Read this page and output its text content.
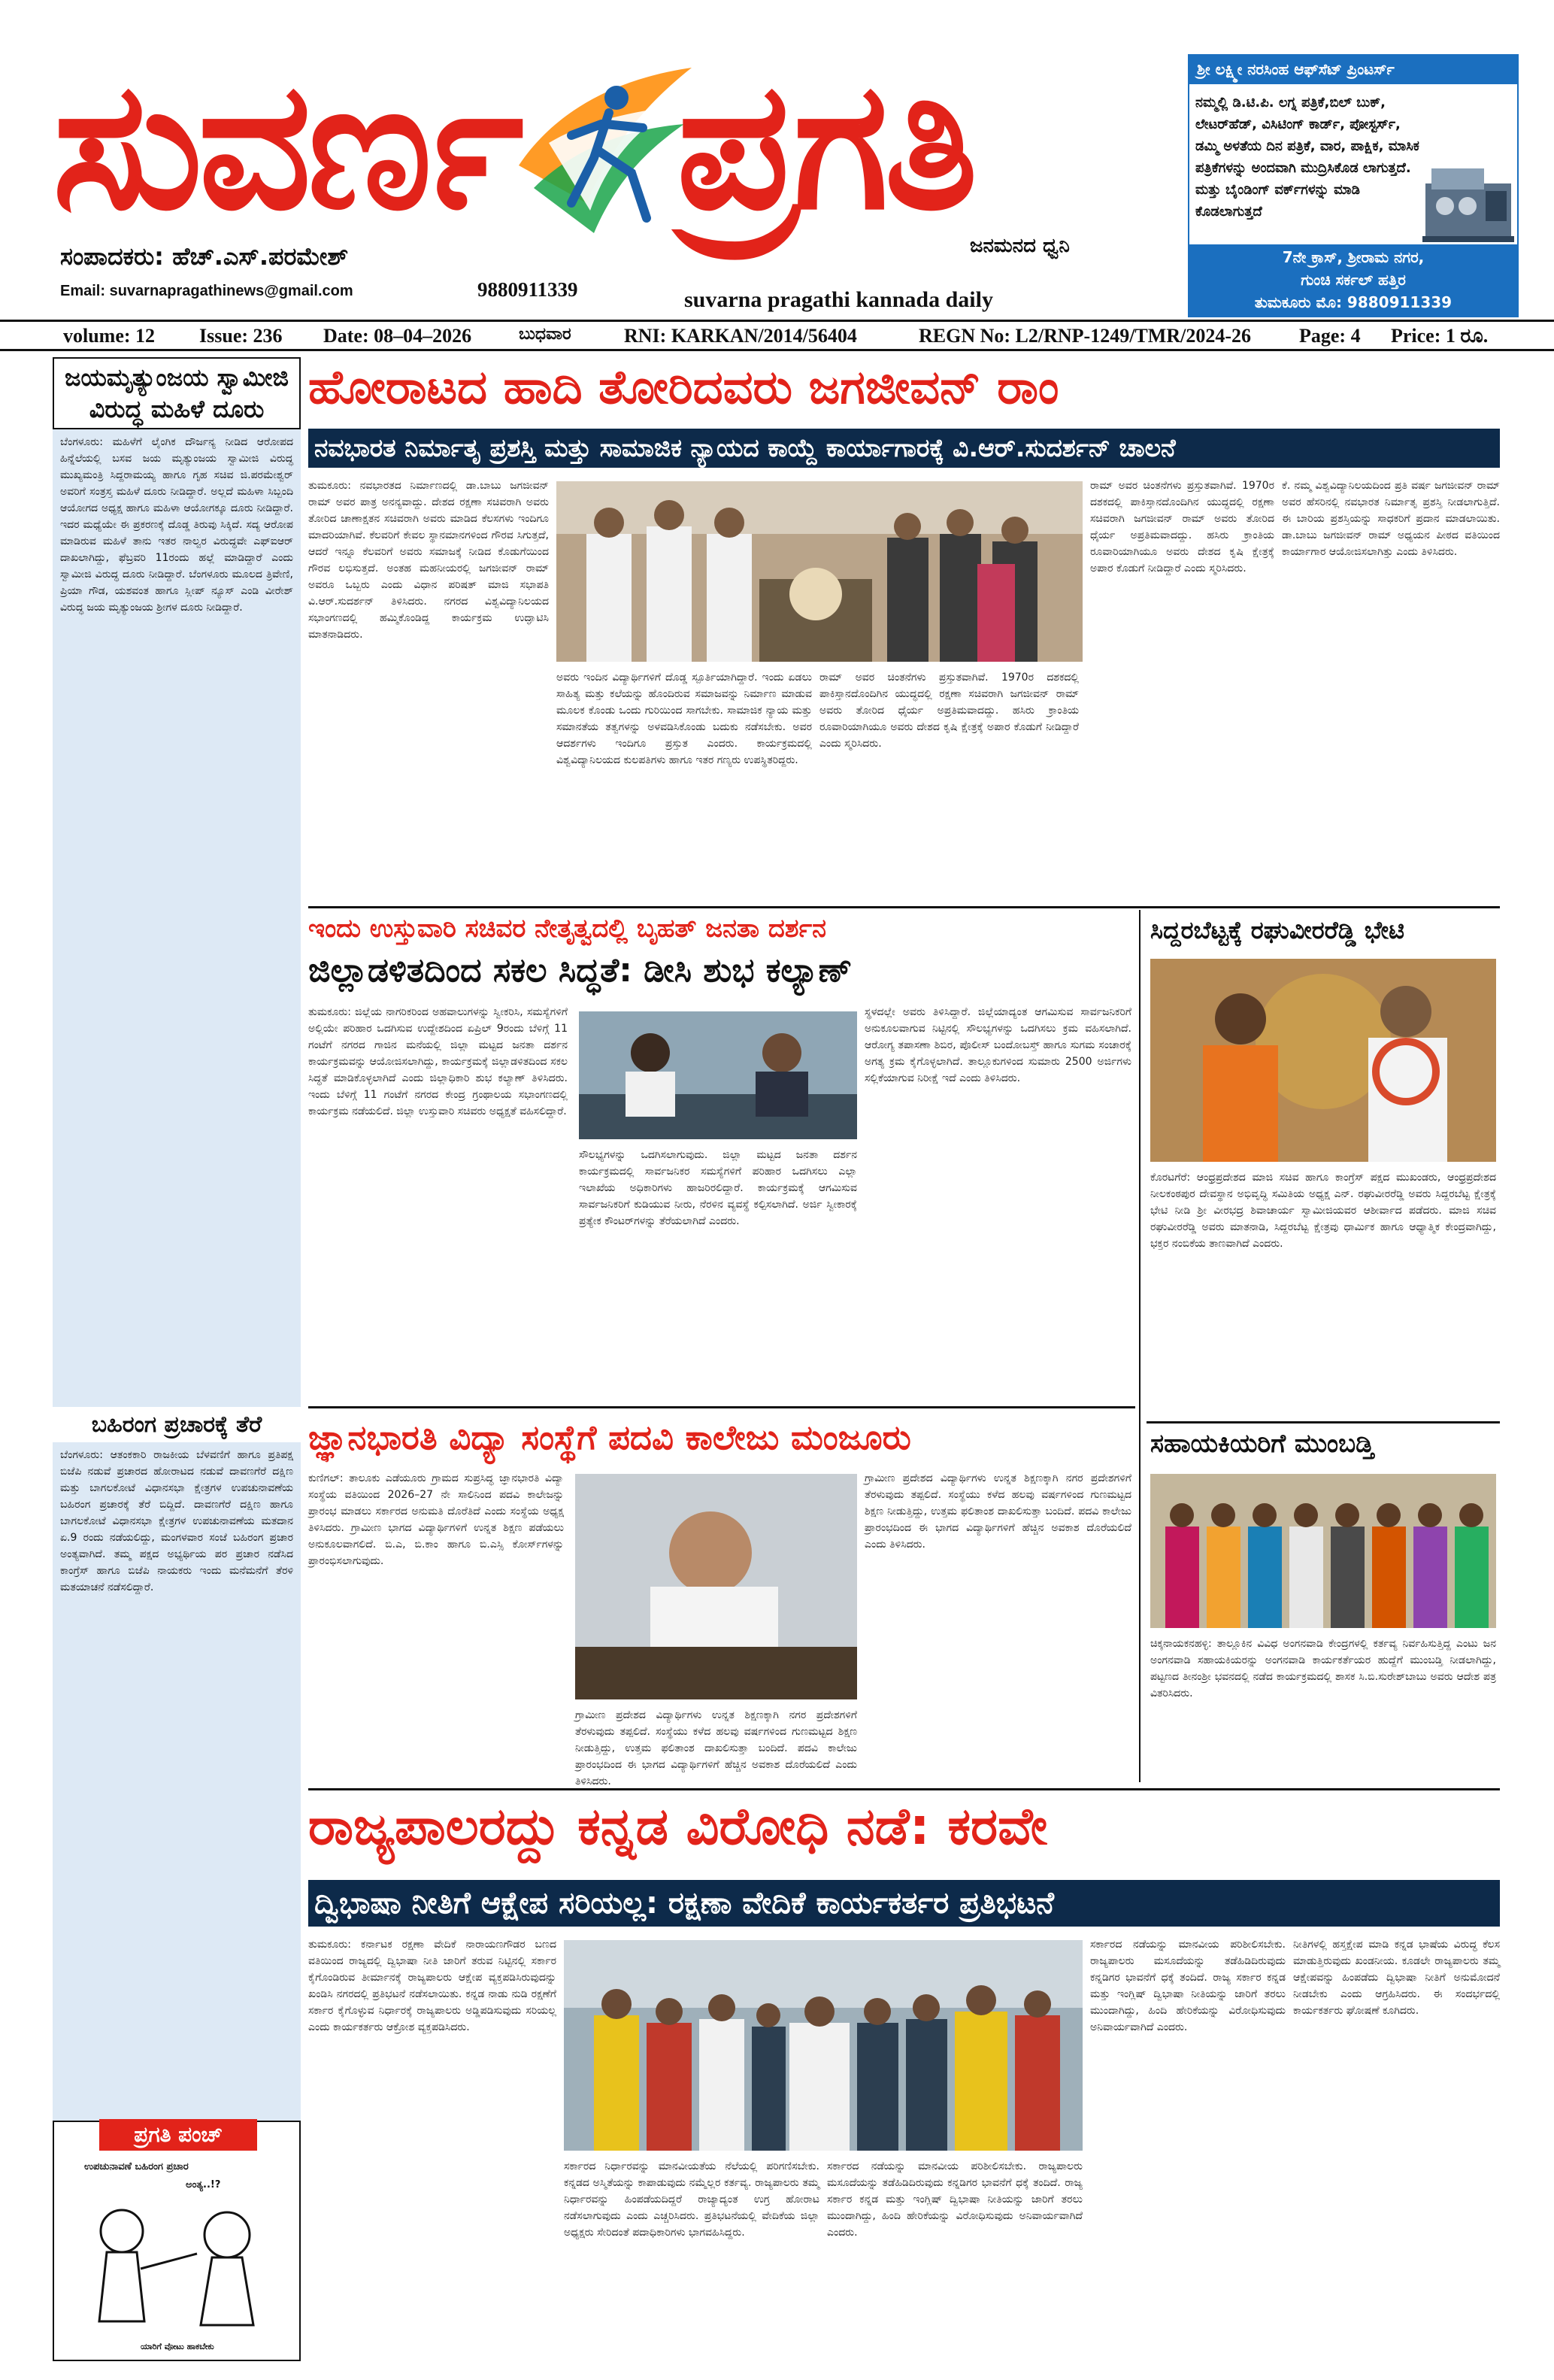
ಸುವರ್ಣ ಪ್ರಗತಿ
ಜನಮನದ ಧ್ವನಿ
ಸಂಪಾದಕರು: ಹೆಚ್.ಎಸ್.ಪರಮೇಶ್
Email: suvarnapragathinews@gmail.com	9880911339	suvarna pragathi kannada daily
ಶ್ರೀ ಲಕ್ಷ್ಮೀ ನರಸಿಂಹ ಆಫ್‌ಸೆಟ್ ಪ್ರಿಂಟರ್ಸ್
ನಮ್ಮಲ್ಲಿ ಡಿ.ಟಿ.ಪಿ. ಲಗ್ನ ಪತ್ರಿಕೆ,ಬಿಲ್ ಬುಕ್, ಲೇಟರ್‌ಹೆಡ್, ವಿಸಿಟಿಂಗ್ ಕಾರ್ಡ್, ಪೋಸ್ಟರ್ಸ್, ಡಮ್ಮಿ ಅಳತೆಯ ದಿನ ಪತ್ರಿಕೆ, ವಾರ, ಪಾಕ್ಷಿಕ, ಮಾಸಿಕ ಪತ್ರಿಕೆಗಳನ್ನು ಅಂದವಾಗಿ ಮುದ್ರಿಸಿಕೊಡ ಲಾಗುತ್ತದೆ. ಮತ್ತು ಬೈಂಡಿಂಗ್ ವರ್ಕ್‌ಗಳನ್ನು ಮಾಡಿ ಕೊಡಲಾಗುತ್ತದೆ
7ನೇ ಕ್ರಾಸ್, ಶ್ರೀರಾಮ ನಗರ,
ಗುಂಚಿ ಸರ್ಕಲ್ ಹತ್ತಿರ
ತುಮಕೂರು ಮೊ: 9880911339
volume: 12 Issue: 236 Date: 08–04–2026	ಬುಧವಾರ	RNI: KARKAN/2014/56404	REGN No: L2/RNP-1249/TMR/2024-26 Page: 4 Price: 1 ರೂ.
ಜಯಮೃತ್ಯುಂಜಯ ಸ್ವಾಮೀಜಿ ವಿರುದ್ಧ ಮಹಿಳೆ ದೂರು
ಬೆಂಗಳೂರು: ಮಹಿಳೆಗೆ ಲೈಂಗಿಕ ದೌರ್ಜನ್ಯ ನೀಡಿದ ಆರೋಪದ ಹಿನ್ನೆಲೆಯಲ್ಲಿ ಬಸವ ಜಯ ಮೃತ್ಯುಂಜಯ ಸ್ವಾಮೀಜಿ ವಿರುದ್ಧ ಮುಖ್ಯಮಂತ್ರಿ ಸಿದ್ದರಾಮಯ್ಯ ಹಾಗೂ ಗೃಹ ಸಚಿವ ಜಿ.ಪರಮೇಶ್ವರ್ ಅವರಿಗೆ ಸಂತ್ರಸ್ತ ಮಹಿಳೆ ದೂರು ನೀಡಿದ್ದಾರೆ. ಅಲ್ಲದೆ ಮಹಿಳಾ ಸಿಬ್ಬಂದಿ ಆಯೋಗದ ಅಧ್ಯಕ್ಷ ಹಾಗೂ ಮಹಿಳಾ ಆಯೋಗಕ್ಕೂ ದೂರು ನೀಡಿದ್ದಾರೆ. ಇದರ ಮಧ್ಯೆಯೇ ಈ ಪ್ರಕರಣಕ್ಕೆ ದೊಡ್ಡ ತಿರುವು ಸಿಕ್ಕಿದೆ. ಸದ್ಯ ಆರೋಪ ಮಾಡಿರುವ ಮಹಿಳೆ ತಾನು ಇತರ ನಾಲ್ವರ ವಿರುದ್ಧವೇ ಎಫ್‌ಐಆರ್ ದಾಖಲಾಗಿದ್ದು, ಫೆಬ್ರವರಿ 11ರಂದು ಹಲ್ಲೆ ಮಾಡಿದ್ದಾರೆ ಎಂದು ಸ್ವಾಮೀಜಿ ವಿರುದ್ಧ ದೂರು ನೀಡಿದ್ದಾರೆ. ಬೆಂಗಳೂರು ಮೂಲದ ತ್ರಿವೇಣಿ, ಪ್ರಿಯಾ ಗೌಡ, ಯಶವಂತ ಹಾಗೂ ಸ್ಲೀಪ್ ನ್ಯೂಸ್ ಎಂಡಿ ವೀರೇಶ್ ವಿರುದ್ಧ ಜಯ ಮೃತ್ಯುಂಜಯ ಶ್ರೀಗಳ ದೂರು ನೀಡಿದ್ದಾರೆ.
ಬಹಿರಂಗ ಪ್ರಚಾರಕ್ಕೆ ತೆರೆ
ಬೆಂಗಳೂರು: ಆತಂಕಕಾರಿ ರಾಜಕೀಯ ಬೆಳವಣಿಗೆ ಹಾಗೂ ಪ್ರತಿಪಕ್ಷ ಬಿಜೆಪಿ ನಡುವೆ ಪ್ರಚಾರದ ಹೋರಾಟದ ನಡುವೆ ದಾವಣಗೆರೆ ದಕ್ಷಿಣ ಮತ್ತು ಬಾಗಲಕೋಟೆ ವಿಧಾನಸಭಾ ಕ್ಷೇತ್ರಗಳ ಉಪಚುನಾವಣೆಯ ಬಹಿರಂಗ ಪ್ರಚಾರಕ್ಕೆ ತೆರೆ ಬಿದ್ದಿದೆ. ದಾವಣಗೆರೆ ದಕ್ಷಿಣ ಹಾಗೂ ಬಾಗಲಕೋಟೆ ವಿಧಾನಸಭಾ ಕ್ಷೇತ್ರಗಳ ಉಪಚುನಾವಣೆಯ ಮತದಾನ ಏ.9 ರಂದು ನಡೆಯಲಿದ್ದು, ಮಂಗಳವಾರ ಸಂಜೆ ಬಹಿರಂಗ ಪ್ರಚಾರ ಅಂತ್ಯವಾಗಿದೆ. ತಮ್ಮ ಪಕ್ಷದ ಅಭ್ಯರ್ಥಿಯ ಪರ ಪ್ರಚಾರ ನಡೆಸಿದ ಕಾಂಗ್ರೆಸ್ ಹಾಗೂ ಬಿಜೆಪಿ ನಾಯಕರು ಇಂದು ಮನೆಮನೆಗೆ ತೆರಳಿ ಮತಯಾಚನೆ ನಡೆಸಲಿದ್ದಾರೆ.
ಪ್ರಗತಿ ಪಂಚ್
ಉಪಚುನಾವಣೆ ಬಹಿರಂಗ ಪ್ರಚಾರ
ಅಂತ್ಯ..!?
ಯಾರಿಗೆ ವೋಟು ಹಾಕಬೇಕು
ಹೋರಾಟದ ಹಾದಿ ತೋರಿದವರು ಜಗಜೀವನ್ ರಾಂ
ನವಭಾರತ ನಿರ್ಮಾತೃ ಪ್ರಶಸ್ತಿ ಮತ್ತು ಸಾಮಾಜಿಕ ನ್ಯಾಯದ ಕಾಯ್ದೆ ಕಾರ್ಯಾಗಾರಕ್ಕೆ ವಿ.ಆರ್.ಸುದರ್ಶನ್ ಚಾಲನೆ
ತುಮಕೂರು: ನವಭಾರತದ ನಿರ್ಮಾಣದಲ್ಲಿ ಡಾ.ಬಾಬು ಜಗಜೀವನ್ ರಾಮ್ ಅವರ ಪಾತ್ರ ಅನನ್ಯವಾದ್ದು. ದೇಶದ ರಕ್ಷಣಾ ಸಚಿವರಾಗಿ ಅವರು ತೋರಿದ ಚಾಣಾಕ್ಷತನ ಸಚಿವರಾಗಿ ಅವರು ಮಾಡಿದ ಕೆಲಸಗಳು ಇಂದಿಗೂ ಮಾದರಿಯಾಗಿವೆ. ಕೆಲವರಿಗೆ ಕೇವಲ ಸ್ಥಾನಮಾನಗಳಿಂದ ಗೌರವ ಸಿಗುತ್ತದೆ, ಆದರೆ ಇನ್ನೂ ಕೆಲವರಿಗೆ ಅವರು ಸಮಾಜಕ್ಕೆ ನೀಡಿದ ಕೊಡುಗೆಯಿಂದ ಗೌರವ ಲಭಿಸುತ್ತದೆ. ಅಂತಹ ಮಹನೀಯರಲ್ಲಿ ಜಗಜೀವನ್ ರಾಮ್ ಅವರೂ ಒಬ್ಬರು ಎಂದು ವಿಧಾನ ಪರಿಷತ್ ಮಾಜಿ ಸಭಾಪತಿ ವಿ.ಆರ್.ಸುದರ್ಶನ್ ತಿಳಿಸಿದರು. ನಗರದ ವಿಶ್ವವಿದ್ಯಾನಿಲಯದ ಸಭಾಂಗಣದಲ್ಲಿ ಹಮ್ಮಿಕೊಂಡಿದ್ದ ಕಾರ್ಯಕ್ರಮ ಉದ್ಘಾಟಿಸಿ ಮಾತನಾಡಿದರು.
ಅವರು ಇಂದಿನ ವಿದ್ಯಾರ್ಥಿಗಳಿಗೆ ದೊಡ್ಡ ಸ್ಪೂರ್ತಿಯಾಗಿದ್ದಾರೆ. ಇಂದು ಏಡಲು ಸಾಹಿತ್ಯ ಮತ್ತು ಕಲೆಯನ್ನು ಹೊಂದಿರುವ ಸಮಾಜವನ್ನು ನಿರ್ಮಾಣ ಮಾಡುವ ಮೂಲಕ ಕೊಂಡು ಒಂದು ಗುರಿಯಿಂದ ಸಾಗಬೇಕು. ಸಾಮಾಜಿಕ ನ್ಯಾಯ ಮತ್ತು ಸಮಾನತೆಯ ತತ್ವಗಳನ್ನು ಅಳವಡಿಸಿಕೊಂಡು ಬದುಕು ನಡೆಸಬೇಕು. ಅವರ ಆದರ್ಶಗಳು ಇಂದಿಗೂ ಪ್ರಸ್ತುತ ಎಂದರು. ಕಾರ್ಯಕ್ರಮದಲ್ಲಿ ವಿಶ್ವವಿದ್ಯಾನಿಲಯದ ಕುಲಪತಿಗಳು ಹಾಗೂ ಇತರ ಗಣ್ಯರು ಉಪಸ್ಥಿತರಿದ್ದರು.
ರಾಮ್ ಅವರ ಚಿಂತನೆಗಳು ಪ್ರಸ್ತುತವಾಗಿವೆ. 1970ರ ದಶಕದಲ್ಲಿ ಪಾಕಿಸ್ತಾನದೊಂದಿಗಿನ ಯುದ್ಧದಲ್ಲಿ ರಕ್ಷಣಾ ಸಚಿವರಾಗಿ ಜಗಜೀವನ್ ರಾಮ್ ಅವರು ತೋರಿದ ಧೈರ್ಯ ಅಪ್ರತಿಮವಾದದ್ದು. ಹಸಿರು ಕ್ರಾಂತಿಯ ರೂವಾರಿಯಾಗಿಯೂ ಅವರು ದೇಶದ ಕೃಷಿ ಕ್ಷೇತ್ರಕ್ಕೆ ಅಪಾರ ಕೊಡುಗೆ ನೀಡಿದ್ದಾರೆ ಎಂದು ಸ್ಮರಿಸಿದರು.
ರಾಮ್ ಅವರ ಚಿಂತನೆಗಳು ಪ್ರಸ್ತುತವಾಗಿವೆ. 1970ರ ದಶಕದಲ್ಲಿ ಪಾಕಿಸ್ತಾನದೊಂದಿಗಿನ ಯುದ್ಧದಲ್ಲಿ ರಕ್ಷಣಾ ಸಚಿವರಾಗಿ ಜಗಜೀವನ್ ರಾಮ್ ಅವರು ತೋರಿದ ಧೈರ್ಯ ಅಪ್ರತಿಮವಾದದ್ದು. ಹಸಿರು ಕ್ರಾಂತಿಯ ರೂವಾರಿಯಾಗಿಯೂ ಅವರು ದೇಶದ ಕೃಷಿ ಕ್ಷೇತ್ರಕ್ಕೆ ಅಪಾರ ಕೊಡುಗೆ ನೀಡಿದ್ದಾರೆ ಎಂದು ಸ್ಮರಿಸಿದರು.
ಕೆ. ನಮ್ಮ ವಿಶ್ವವಿದ್ಯಾನಿಲಯದಿಂದ ಪ್ರತಿ ವರ್ಷ ಜಗಜೀವನ್ ರಾಮ್ ಅವರ ಹೆಸರಿನಲ್ಲಿ ನವಭಾರತ ನಿರ್ಮಾತೃ ಪ್ರಶಸ್ತಿ ನೀಡಲಾಗುತ್ತಿದೆ. ಈ ಬಾರಿಯ ಪ್ರಶಸ್ತಿಯನ್ನು ಸಾಧಕರಿಗೆ ಪ್ರದಾನ ಮಾಡಲಾಯಿತು. ಡಾ.ಬಾಬು ಜಗಜೀವನ್ ರಾಮ್ ಅಧ್ಯಯನ ಪೀಠದ ವತಿಯಿಂದ ಕಾರ್ಯಾಗಾರ ಆಯೋಜಿಸಲಾಗಿತ್ತು ಎಂದು ತಿಳಿಸಿದರು.
ಇಂದು ಉಸ್ತುವಾರಿ ಸಚಿವರ ನೇತೃತ್ವದಲ್ಲಿ ಬೃಹತ್ ಜನತಾ ದರ್ಶನ
ಜಿಲ್ಲಾಡಳಿತದಿಂದ ಸಕಲ ಸಿದ್ಧತೆ: ಡೀಸಿ ಶುಭ ಕಲ್ಯಾಣ್
ತುಮಕೂರು: ಜಿಲ್ಲೆಯ ನಾಗರಿಕರಿಂದ ಅಹವಾಲುಗಳನ್ನು ಸ್ವೀಕರಿಸಿ, ಸಮಸ್ಯೆಗಳಿಗೆ ಅಲ್ಲಿಯೇ ಪರಿಹಾರ ಒದಗಿಸುವ ಉದ್ದೇಶದಿಂದ ಏಪ್ರಿಲ್ 9ರಂದು ಬೆಳಿಗ್ಗೆ 11 ಗಂಟೆಗೆ ನಗರದ ಗಾಜಿನ ಮನೆಯಲ್ಲಿ ಜಿಲ್ಲಾ ಮಟ್ಟದ ಜನತಾ ದರ್ಶನ ಕಾರ್ಯಕ್ರಮವನ್ನು ಆಯೋಜಿಸಲಾಗಿದ್ದು, ಕಾರ್ಯಕ್ರಮಕ್ಕೆ ಜಿಲ್ಲಾಡಳಿತದಿಂದ ಸಕಲ ಸಿದ್ಧತೆ ಮಾಡಿಕೊಳ್ಳಲಾಗಿದೆ ಎಂದು ಜಿಲ್ಲಾಧಿಕಾರಿ ಶುಭ ಕಲ್ಯಾಣ್ ತಿಳಿಸಿದರು. ಇಂದು ಬೆಳಿಗ್ಗೆ 11 ಗಂಟೆಗೆ ನಗರದ ಕೇಂದ್ರ ಗ್ರಂಥಾಲಯ ಸಭಾಂಗಣದಲ್ಲಿ ಕಾರ್ಯಕ್ರಮ ನಡೆಯಲಿದೆ. ಜಿಲ್ಲಾ ಉಸ್ತುವಾರಿ ಸಚಿವರು ಅಧ್ಯಕ್ಷತೆ ವಹಿಸಲಿದ್ದಾರೆ.
ಸೌಲಭ್ಯಗಳನ್ನು ಒದಗಿಸಲಾಗುವುದು. ಜಿಲ್ಲಾ ಮಟ್ಟದ ಜನತಾ ದರ್ಶನ ಕಾರ್ಯಕ್ರಮದಲ್ಲಿ ಸಾರ್ವಜನಿಕರ ಸಮಸ್ಯೆಗಳಿಗೆ ಪರಿಹಾರ ಒದಗಿಸಲು ಎಲ್ಲಾ ಇಲಾಖೆಯ ಅಧಿಕಾರಿಗಳು ಹಾಜರಿರಲಿದ್ದಾರೆ. ಕಾರ್ಯಕ್ರಮಕ್ಕೆ ಆಗಮಿಸುವ ಸಾರ್ವಜನಿಕರಿಗೆ ಕುಡಿಯುವ ನೀರು, ನೆರಳಿನ ವ್ಯವಸ್ಥೆ ಕಲ್ಪಿಸಲಾಗಿದೆ. ಅರ್ಜಿ ಸ್ವೀಕಾರಕ್ಕೆ ಪ್ರತ್ಯೇಕ ಕೌಂಟರ್‌ಗಳನ್ನು ತೆರೆಯಲಾಗಿದೆ ಎಂದರು.
ಸ್ಥಳದಲ್ಲೇ ಅವರು ತಿಳಿಸಿದ್ದಾರೆ. ಜಿಲ್ಲೆಯಾದ್ಯಂತ ಆಗಮಿಸುವ ಸಾರ್ವಜನಿಕರಿಗೆ ಅನುಕೂಲವಾಗುವ ನಿಟ್ಟಿನಲ್ಲಿ ಸೌಲಭ್ಯಗಳನ್ನು ಒದಗಿಸಲು ಕ್ರಮ ವಹಿಸಲಾಗಿದೆ. ಆರೋಗ್ಯ ತಪಾಸಣಾ ಶಿಬಿರ, ಪೊಲೀಸ್ ಬಂದೋಬಸ್ತ್ ಹಾಗೂ ಸುಗಮ ಸಂಚಾರಕ್ಕೆ ಅಗತ್ಯ ಕ್ರಮ ಕೈಗೊಳ್ಳಲಾಗಿದೆ. ತಾಲ್ಲೂಕುಗಳಿಂದ ಸುಮಾರು 2500 ಅರ್ಜಿಗಳು ಸಲ್ಲಿಕೆಯಾಗುವ ನಿರೀಕ್ಷೆ ಇದೆ ಎಂದು ತಿಳಿಸಿದರು.
ಸಿದ್ದರಬೆಟ್ಟಕ್ಕೆ ರಘುವೀರರೆಡ್ಡಿ ಭೇಟಿ
ಕೊರಟಗೆರೆ: ಆಂಧ್ರಪ್ರದೇಶದ ಮಾಜಿ ಸಚಿವ ಹಾಗೂ ಕಾಂಗ್ರೆಸ್ ಪಕ್ಷದ ಮುಖಂಡರು, ಆಂಧ್ರಪ್ರದೇಶದ ನೀಲಕಂಠಪುರ ದೇವಸ್ಥಾನ ಅಭಿವೃದ್ಧಿ ಸಮಿತಿಯ ಅಧ್ಯಕ್ಷ ಎನ್. ರಘುವೀರರೆಡ್ಡಿ ಅವರು ಸಿದ್ದರಬೆಟ್ಟ ಕ್ಷೇತ್ರಕ್ಕೆ ಭೇಟಿ ನೀಡಿ ಶ್ರೀ ವೀರಭದ್ರ ಶಿವಾಚಾರ್ಯ ಸ್ವಾಮೀಜಿಯವರ ಆಶೀರ್ವಾದ ಪಡೆದರು. ಮಾಜಿ ಸಚಿವ ರಘುವೀರರೆಡ್ಡಿ ಅವರು ಮಾತನಾಡಿ, ಸಿದ್ದರಬೆಟ್ಟ ಕ್ಷೇತ್ರವು ಧಾರ್ಮಿಕ ಹಾಗೂ ಆಧ್ಯಾತ್ಮಿಕ ಕೇಂದ್ರವಾಗಿದ್ದು, ಭಕ್ತರ ನಂಬಿಕೆಯ ತಾಣವಾಗಿದೆ ಎಂದರು.
ಜ್ಞಾನಭಾರತಿ ವಿದ್ಯಾ ಸಂಸ್ಥೆಗೆ ಪದವಿ ಕಾಲೇಜು ಮಂಜೂರು
ಕುಣಿಗಲ್: ತಾಲೂಕು ಎಡೆಯೂರು ಗ್ರಾಮದ ಸುಪ್ರಸಿದ್ಧ ಜ್ಞಾನಭಾರತಿ ವಿದ್ಯಾ ಸಂಸ್ಥೆಯ ವತಿಯಿಂದ 2026–27 ನೇ ಸಾಲಿನಿಂದ ಪದವಿ ಕಾಲೇಜನ್ನು ಪ್ರಾರಂಭ ಮಾಡಲು ಸರ್ಕಾರದ ಅನುಮತಿ ದೊರೆತಿದೆ ಎಂದು ಸಂಸ್ಥೆಯ ಅಧ್ಯಕ್ಷ ತಿಳಿಸಿದರು. ಗ್ರಾಮೀಣ ಭಾಗದ ವಿದ್ಯಾರ್ಥಿಗಳಿಗೆ ಉನ್ನತ ಶಿಕ್ಷಣ ಪಡೆಯಲು ಅನುಕೂಲವಾಗಲಿದೆ. ಬಿ.ಎ, ಬಿ.ಕಾಂ ಹಾಗೂ ಬಿ.ಎಸ್ಸಿ ಕೋರ್ಸ್‌ಗಳನ್ನು ಪ್ರಾರಂಭಿಸಲಾಗುವುದು.
ಗ್ರಾಮೀಣ ಪ್ರದೇಶದ ವಿದ್ಯಾರ್ಥಿಗಳು ಉನ್ನತ ಶಿಕ್ಷಣಕ್ಕಾಗಿ ನಗರ ಪ್ರದೇಶಗಳಿಗೆ ತೆರಳುವುದು ತಪ್ಪಲಿದೆ. ಸಂಸ್ಥೆಯು ಕಳೆದ ಹಲವು ವರ್ಷಗಳಿಂದ ಗುಣಮಟ್ಟದ ಶಿಕ್ಷಣ ನೀಡುತ್ತಿದ್ದು, ಉತ್ತಮ ಫಲಿತಾಂಶ ದಾಖಲಿಸುತ್ತಾ ಬಂದಿದೆ. ಪದವಿ ಕಾಲೇಜು ಪ್ರಾರಂಭದಿಂದ ಈ ಭಾಗದ ವಿದ್ಯಾರ್ಥಿಗಳಿಗೆ ಹೆಚ್ಚಿನ ಅವಕಾಶ ದೊರೆಯಲಿದೆ ಎಂದು ತಿಳಿಸಿದರು.
ಗ್ರಾಮೀಣ ಪ್ರದೇಶದ ವಿದ್ಯಾರ್ಥಿಗಳು ಉನ್ನತ ಶಿಕ್ಷಣಕ್ಕಾಗಿ ನಗರ ಪ್ರದೇಶಗಳಿಗೆ ತೆರಳುವುದು ತಪ್ಪಲಿದೆ. ಸಂಸ್ಥೆಯು ಕಳೆದ ಹಲವು ವರ್ಷಗಳಿಂದ ಗುಣಮಟ್ಟದ ಶಿಕ್ಷಣ ನೀಡುತ್ತಿದ್ದು, ಉತ್ತಮ ಫಲಿತಾಂಶ ದಾಖಲಿಸುತ್ತಾ ಬಂದಿದೆ. ಪದವಿ ಕಾಲೇಜು ಪ್ರಾರಂಭದಿಂದ ಈ ಭಾಗದ ವಿದ್ಯಾರ್ಥಿಗಳಿಗೆ ಹೆಚ್ಚಿನ ಅವಕಾಶ ದೊರೆಯಲಿದೆ ಎಂದು ತಿಳಿಸಿದರು.
ಸಹಾಯಕಿಯರಿಗೆ ಮುಂಬಡ್ತಿ
ಚಿಕ್ಕನಾಯಕನಹಳ್ಳಿ: ತಾಲ್ಲೂಕಿನ ವಿವಿಧ ಅಂಗನವಾಡಿ ಕೇಂದ್ರಗಳಲ್ಲಿ ಕರ್ತವ್ಯ ನಿರ್ವಹಿಸುತ್ತಿದ್ದ ಎಂಟು ಜನ ಅಂಗನವಾಡಿ ಸಹಾಯಕಿಯರನ್ನು ಅಂಗನವಾಡಿ ಕಾರ್ಯಕರ್ತೆಯರ ಹುದ್ದೆಗೆ ಮುಂಬಡ್ತಿ ನೀಡಲಾಗಿದ್ದು, ಪಟ್ಟಣದ ತೀನಂಶ್ರೀ ಭವನದಲ್ಲಿ ನಡೆದ ಕಾರ್ಯಕ್ರಮದಲ್ಲಿ ಶಾಸಕ ಸಿ.ಬಿ.ಸುರೇಶ್‌ಬಾಬು ಅವರು ಆದೇಶ ಪತ್ರ ವಿತರಿಸಿದರು.
ರಾಜ್ಯಪಾಲರದ್ದು ಕನ್ನಡ ವಿರೋಧಿ ನಡೆ: ಕರವೇ
ದ್ವಿಭಾಷಾ ನೀತಿಗೆ ಆಕ್ಷೇಪ ಸರಿಯಲ್ಲ: ರಕ್ಷಣಾ ವೇದಿಕೆ ಕಾರ್ಯಕರ್ತರ ಪ್ರತಿಭಟನೆ
ತುಮಕೂರು: ಕರ್ನಾಟಕ ರಕ್ಷಣಾ ವೇದಿಕೆ ನಾರಾಯಣಗೌಡರ ಬಣದ ವತಿಯಿಂದ ರಾಜ್ಯದಲ್ಲಿ ದ್ವಿಭಾಷಾ ನೀತಿ ಜಾರಿಗೆ ತರುವ ನಿಟ್ಟಿನಲ್ಲಿ ಸರ್ಕಾರ ಕೈಗೊಂಡಿರುವ ತೀರ್ಮಾನಕ್ಕೆ ರಾಜ್ಯಪಾಲರು ಆಕ್ಷೇಪ ವ್ಯಕ್ತಪಡಿಸಿರುವುದನ್ನು ಖಂಡಿಸಿ ನಗರದಲ್ಲಿ ಪ್ರತಿಭಟನೆ ನಡೆಸಲಾಯಿತು. ಕನ್ನಡ ನಾಡು ನುಡಿ ರಕ್ಷಣೆಗೆ ಸರ್ಕಾರ ಕೈಗೊಳ್ಳುವ ನಿರ್ಧಾರಕ್ಕೆ ರಾಜ್ಯಪಾಲರು ಅಡ್ಡಿಪಡಿಸುವುದು ಸರಿಯಲ್ಲ ಎಂದು ಕಾರ್ಯಕರ್ತರು ಆಕ್ರೋಶ ವ್ಯಕ್ತಪಡಿಸಿದರು.
ಸರ್ಕಾರದ ನಿರ್ಧಾರವನ್ನು ಮಾನವೀಯತೆಯ ನೆಲೆಯಲ್ಲಿ ಪರಿಗಣಿಸಬೇಕು. ಕನ್ನಡದ ಅಸ್ಮಿತೆಯನ್ನು ಕಾಪಾಡುವುದು ನಮ್ಮೆಲ್ಲರ ಕರ್ತವ್ಯ. ರಾಜ್ಯಪಾಲರು ತಮ್ಮ ನಿರ್ಧಾರವನ್ನು ಹಿಂಪಡೆಯದಿದ್ದರೆ ರಾಜ್ಯಾದ್ಯಂತ ಉಗ್ರ ಹೋರಾಟ ನಡೆಸಲಾಗುವುದು ಎಂದು ಎಚ್ಚರಿಸಿದರು. ಪ್ರತಿಭಟನೆಯಲ್ಲಿ ವೇದಿಕೆಯ ಜಿಲ್ಲಾ ಅಧ್ಯಕ್ಷರು ಸೇರಿದಂತೆ ಪದಾಧಿಕಾರಿಗಳು ಭಾಗವಹಿಸಿದ್ದರು.
ಸರ್ಕಾರದ ನಡೆಯನ್ನು ಮಾನವೀಯ ಪರಿಶೀಲಿಸಬೇಕು. ರಾಜ್ಯಪಾಲರು ಮಸೂದೆಯನ್ನು ತಡೆಹಿಡಿದಿರುವುದು ಕನ್ನಡಿಗರ ಭಾವನೆಗೆ ಧಕ್ಕೆ ತಂದಿದೆ. ರಾಜ್ಯ ಸರ್ಕಾರ ಕನ್ನಡ ಮತ್ತು ಇಂಗ್ಲಿಷ್ ದ್ವಿಭಾಷಾ ನೀತಿಯನ್ನು ಜಾರಿಗೆ ತರಲು ಮುಂದಾಗಿದ್ದು, ಹಿಂದಿ ಹೇರಿಕೆಯನ್ನು ವಿರೋಧಿಸುವುದು ಅನಿವಾರ್ಯವಾಗಿದೆ ಎಂದರು.
ಸರ್ಕಾರದ ನಡೆಯನ್ನು ಮಾನವೀಯ ಪರಿಶೀಲಿಸಬೇಕು. ರಾಜ್ಯಪಾಲರು ಮಸೂದೆಯನ್ನು ತಡೆಹಿಡಿದಿರುವುದು ಕನ್ನಡಿಗರ ಭಾವನೆಗೆ ಧಕ್ಕೆ ತಂದಿದೆ. ರಾಜ್ಯ ಸರ್ಕಾರ ಕನ್ನಡ ಮತ್ತು ಇಂಗ್ಲಿಷ್ ದ್ವಿಭಾಷಾ ನೀತಿಯನ್ನು ಜಾರಿಗೆ ತರಲು ಮುಂದಾಗಿದ್ದು, ಹಿಂದಿ ಹೇರಿಕೆಯನ್ನು ವಿರೋಧಿಸುವುದು ಅನಿವಾರ್ಯವಾಗಿದೆ ಎಂದರು.
ನೀತಿಗಳಲ್ಲಿ ಹಸ್ತಕ್ಷೇಪ ಮಾಡಿ ಕನ್ನಡ ಭಾಷೆಯ ವಿರುದ್ಧ ಕೆಲಸ ಮಾಡುತ್ತಿರುವುದು ಖಂಡನೀಯ. ಕೂಡಲೇ ರಾಜ್ಯಪಾಲರು ತಮ್ಮ ಆಕ್ಷೇಪವನ್ನು ಹಿಂಪಡೆದು ದ್ವಿಭಾಷಾ ನೀತಿಗೆ ಅನುಮೋದನೆ ನೀಡಬೇಕು ಎಂದು ಆಗ್ರಹಿಸಿದರು. ಈ ಸಂದರ್ಭದಲ್ಲಿ ಕಾರ್ಯಕರ್ತರು ಘೋಷಣೆ ಕೂಗಿದರು.
